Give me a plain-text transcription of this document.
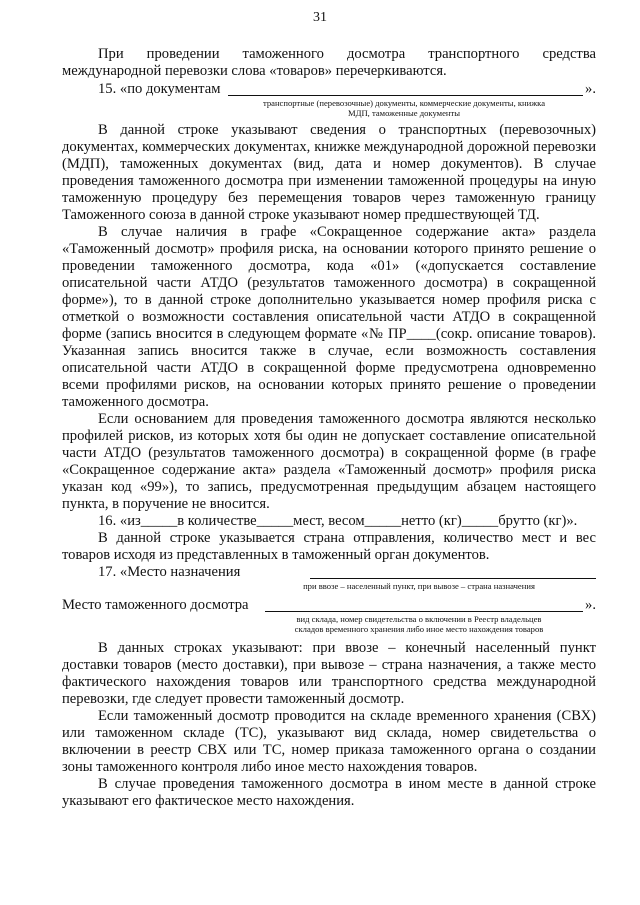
31

При проведении таможенного досмотра транспортного средства международной перевозки слова «товаров» перечеркиваются.

15. «по документам	».
транспортные (перевозочные) документы, коммерческие документы, книжка
МДП, таможенные документы

В данной строке указывают сведения о транспортных (перевозочных) документах, коммерческих документах, книжке международной дорожной перевозки (МДП), таможенных документах (вид, дата и номер документов). В случае проведения таможенного досмотра при изменении таможенной процедуры на иную таможенную процедуру без перемещения товаров через таможенную границу Таможенного союза в данной строке указывают номер предшествующей ТД.

В случае наличия в графе «Сокращенное содержание акта» раздела «Таможенный досмотр» профиля риска, на основании которого принято решение о проведении таможенного досмотра, кода «01» («допускается составление описательной части АТДО (результатов таможенного досмотра) в сокращенной форме»), то в данной строке дополнительно указывается номер профиля риска с отметкой о возможности составления описательной части АТДО в сокращенной форме (запись вносится в следующем формате «№ ПР____(сокр. описание товаров). Указанная запись вносится также в случае, если возможность составления описательной части АТДО в сокращенной форме предусмотрена одновременно всеми профилями рисков, на основании которых принято решение о проведении таможенного досмотра.

Если основанием для проведения таможенного досмотра являются несколько профилей рисков, из которых хотя бы один не допускает составление описательной части АТДО (результатов таможенного досмотра) в сокращенной форме (в графе «Сокращенное содержание акта» раздела «Таможенный досмотр» профиля риска указан код «99»), то запись, предусмотренная предыдущим абзацем настоящего пункта, в поручение не вносится.

16. «из_____в количестве_____мест, весом_____нетто (кг)_____брутто (кг)».

В данной строке указывается страна отправления, количество мест и вес товаров исходя из представленных в таможенный орган документов.

17. «Место назначения
при ввозе – населенный пункт, при вывозе – страна назначения
Место таможенного досмотра	».
вид склада, номер свидетельства о включении в Реестр владельцев
складов временного хранения либо иное место нахождения товаров

В данных строках указывают: при ввозе – конечный населенный пункт доставки товаров (место доставки), при вывозе – страна назначения, а также место фактического нахождения товаров или транспортного средства международной перевозки, где следует провести таможенный досмотр.

Если таможенный досмотр проводится на складе временного хранения (СВХ) или таможенном складе (ТС), указывают вид склада, номер свидетельства о включении в реестр СВХ или ТС, номер приказа таможенного органа о создании зоны таможенного контроля либо иное место нахождения товаров.

В случае проведения таможенного досмотра в ином месте в данной строке указывают его фактическое место нахождения.
